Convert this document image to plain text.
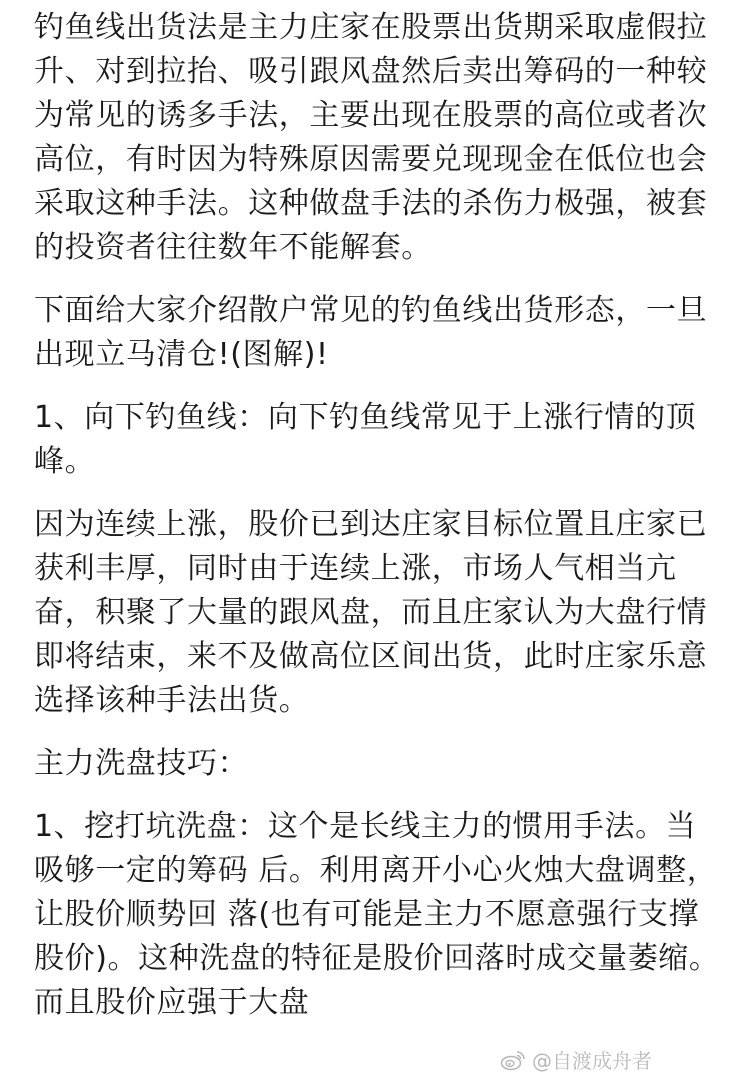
钓鱼线出货法是主力庄家在股票出货期采取虚假拉升、对到拉抬、吸引跟风盘然后卖出筹码的一种较为常见的诱多手法，主要出现在股票的高位或者次高位，有时因为特殊原因需要兑现现金在低位也会采取这种手法。这种做盘手法的杀伤力极强，被套的投资者往往数年不能解套。

下面给大家介绍散户常见的钓鱼线出货形态，一旦出现立马清仓!(图解)!

1、向下钓鱼线：向下钓鱼线常见于上涨行情的顶峰。

因为连续上涨，股价已到达庄家目标位置且庄家已获利丰厚，同时由于连续上涨，市场人气相当亢奋，积聚了大量的跟风盘，而且庄家认为大盘行情即将结束，来不及做高位区间出货，此时庄家乐意选择该种手法出货。

主力洗盘技巧：

1、挖打坑洗盘：这个是长线主力的惯用手法。当吸够一定的筹码 后。利用离开小心火烛大盘调整，让股价顺势回 落(也有可能是主力不愿意强行支撑股价)。这种洗盘的特征是股价回落时成交量萎缩。而且股价应强于大盘

@自渡成舟者
